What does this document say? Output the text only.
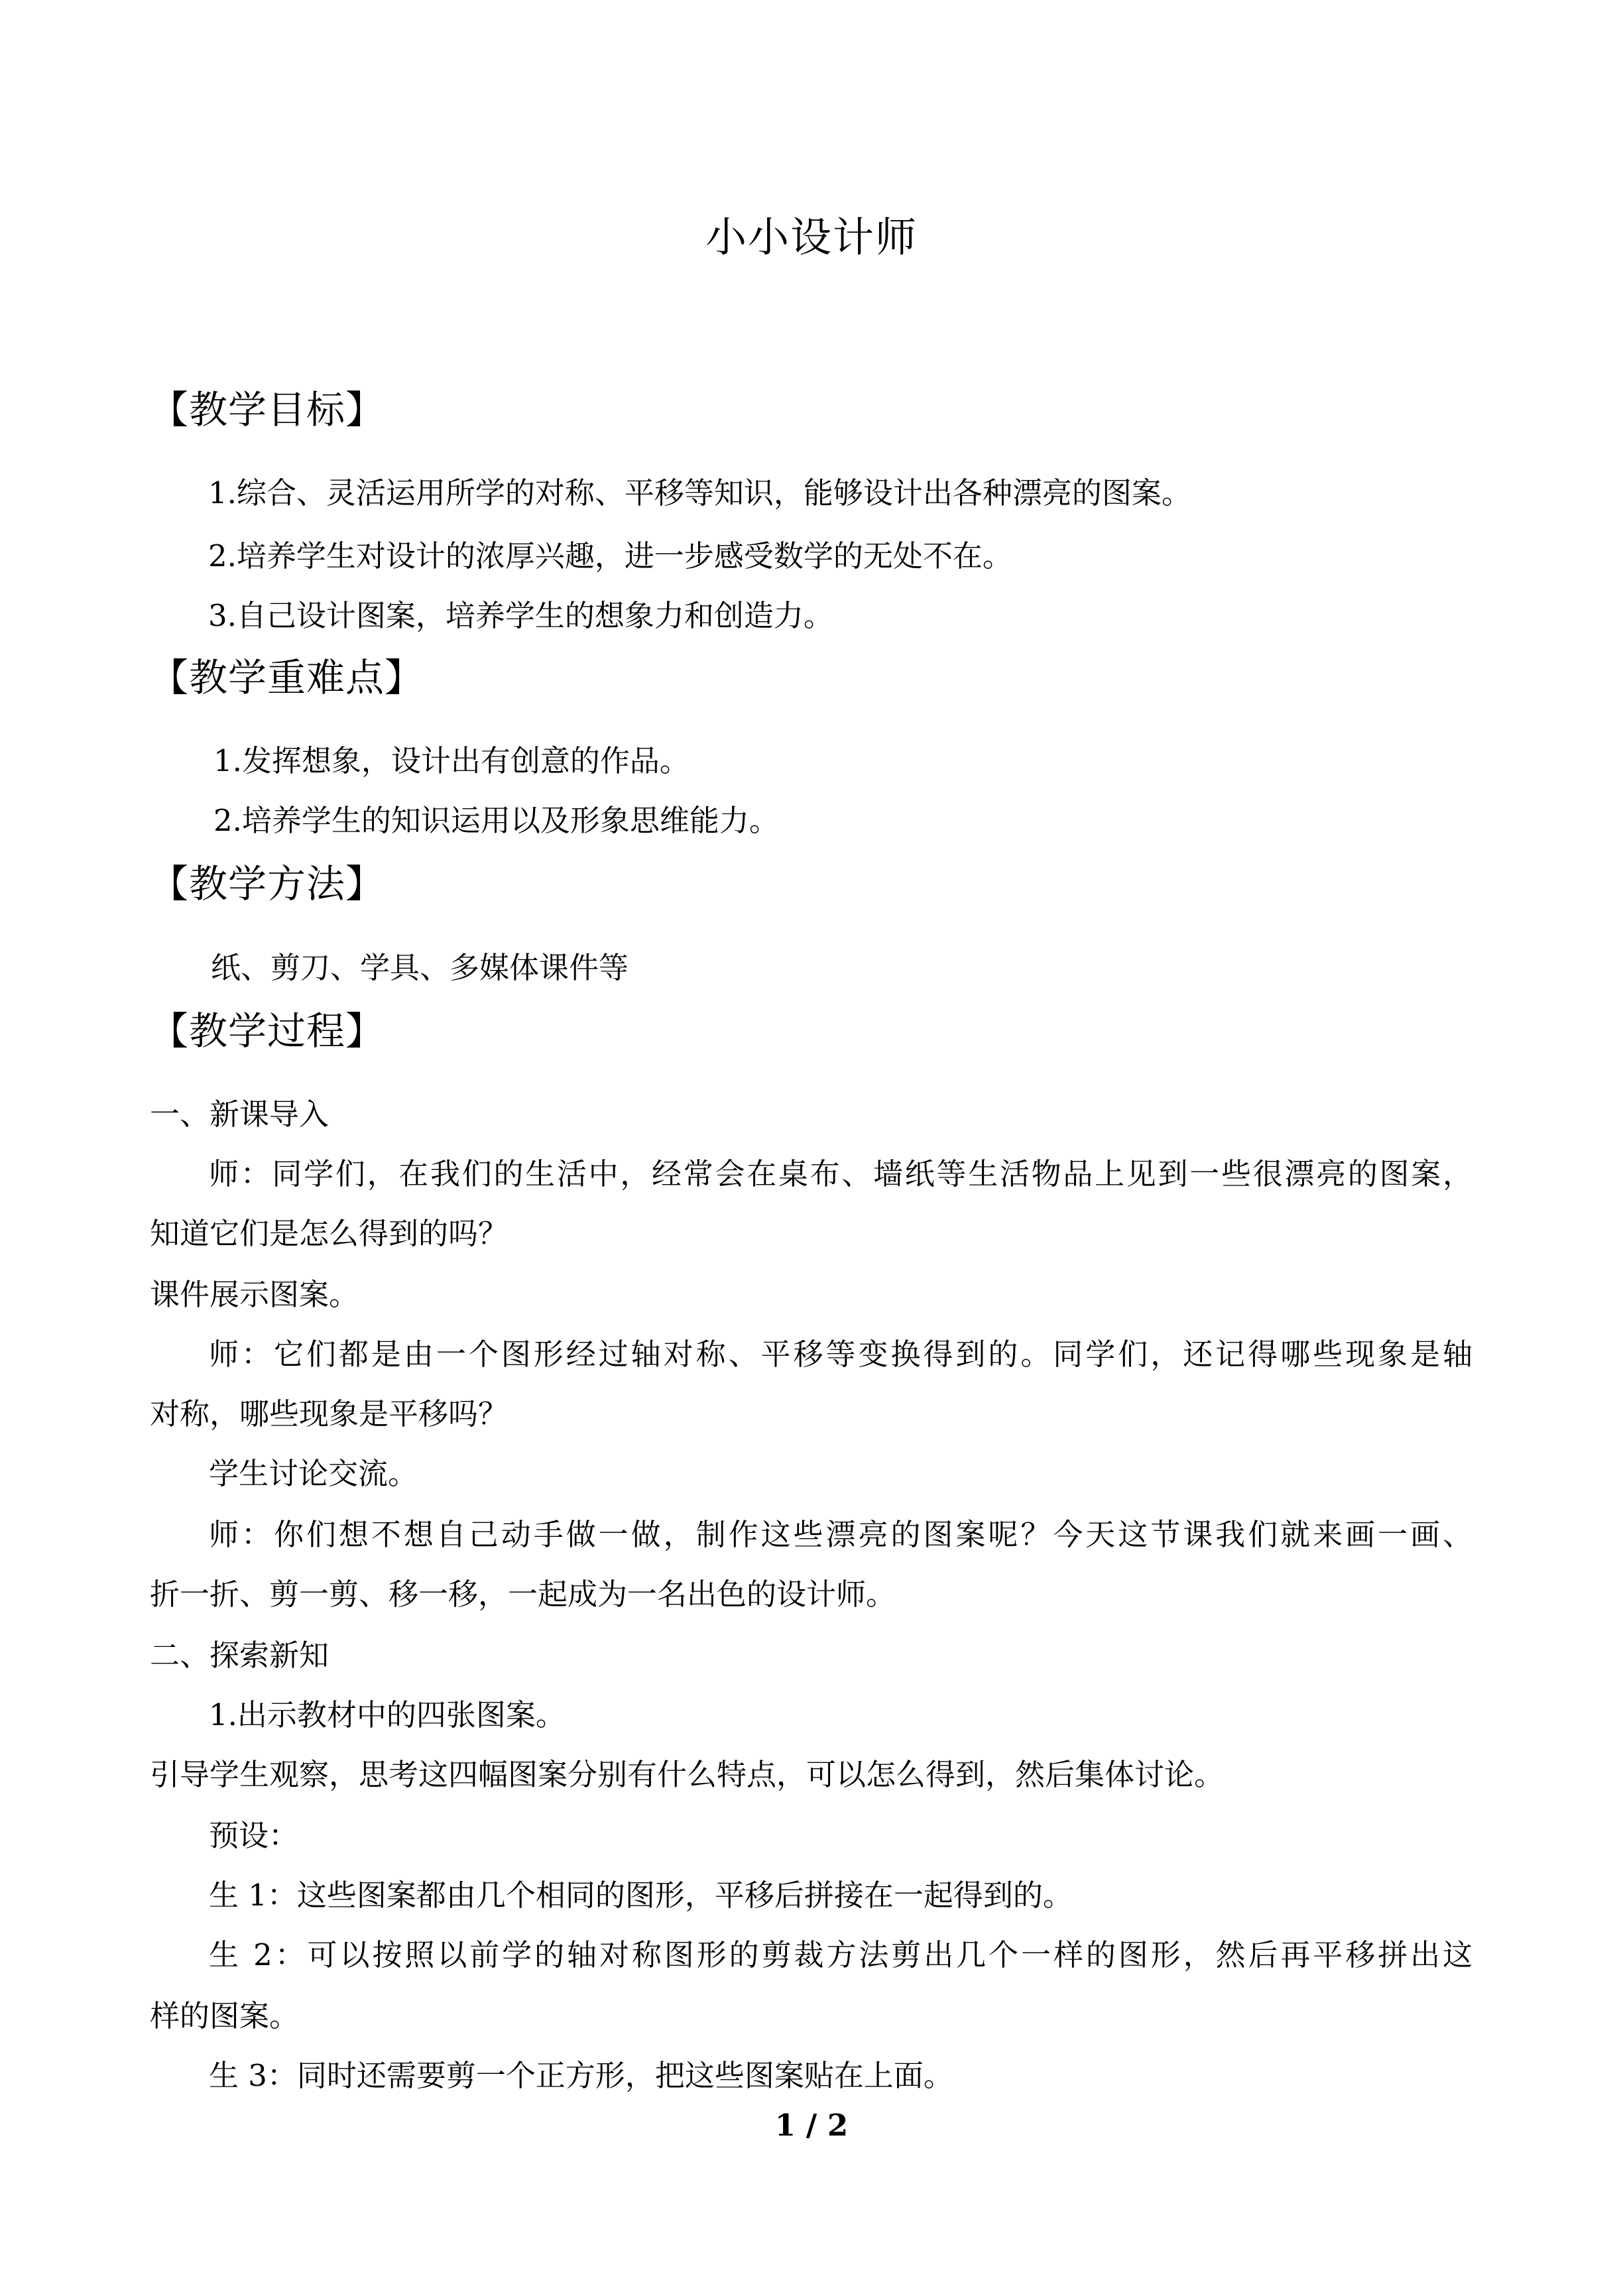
小小设计师
【教学目标】
1.综合、灵活运用所学的对称、平移等知识，能够设计出各种漂亮的图案。
2.培养学生对设计的浓厚兴趣，进一步感受数学的无处不在。
3.自己设计图案，培养学生的想象力和创造力。
【教学重难点】
1.发挥想象，设计出有创意的作品。
2.培养学生的知识运用以及形象思维能力。
【教学方法】
纸、剪刀、学具、多媒体课件等
【教学过程】
一、新课导入
师：同学们，在我们的生活中，经常会在桌布、墙纸等生活物品上见到一些很漂亮的图案，
知道它们是怎么得到的吗？
课件展示图案。
师：它们都是由一个图形经过轴对称、平移等变换得到的。同学们，还记得哪些现象是轴
对称，哪些现象是平移吗？
学生讨论交流。
师：你们想不想自己动手做一做，制作这些漂亮的图案呢？今天这节课我们就来画一画、
折一折、剪一剪、移一移，一起成为一名出色的设计师。
二、探索新知
1.出示教材中的四张图案。
引导学生观察，思考这四幅图案分别有什么特点，可以怎么得到，然后集体讨论。
预设：
生 1：这些图案都由几个相同的图形，平移后拼接在一起得到的。
生 2：可以按照以前学的轴对称图形的剪裁方法剪出几个一样的图形，然后再平移拼出这
样的图案。
生 3：同时还需要剪一个正方形，把这些图案贴在上面。
1 / 2
